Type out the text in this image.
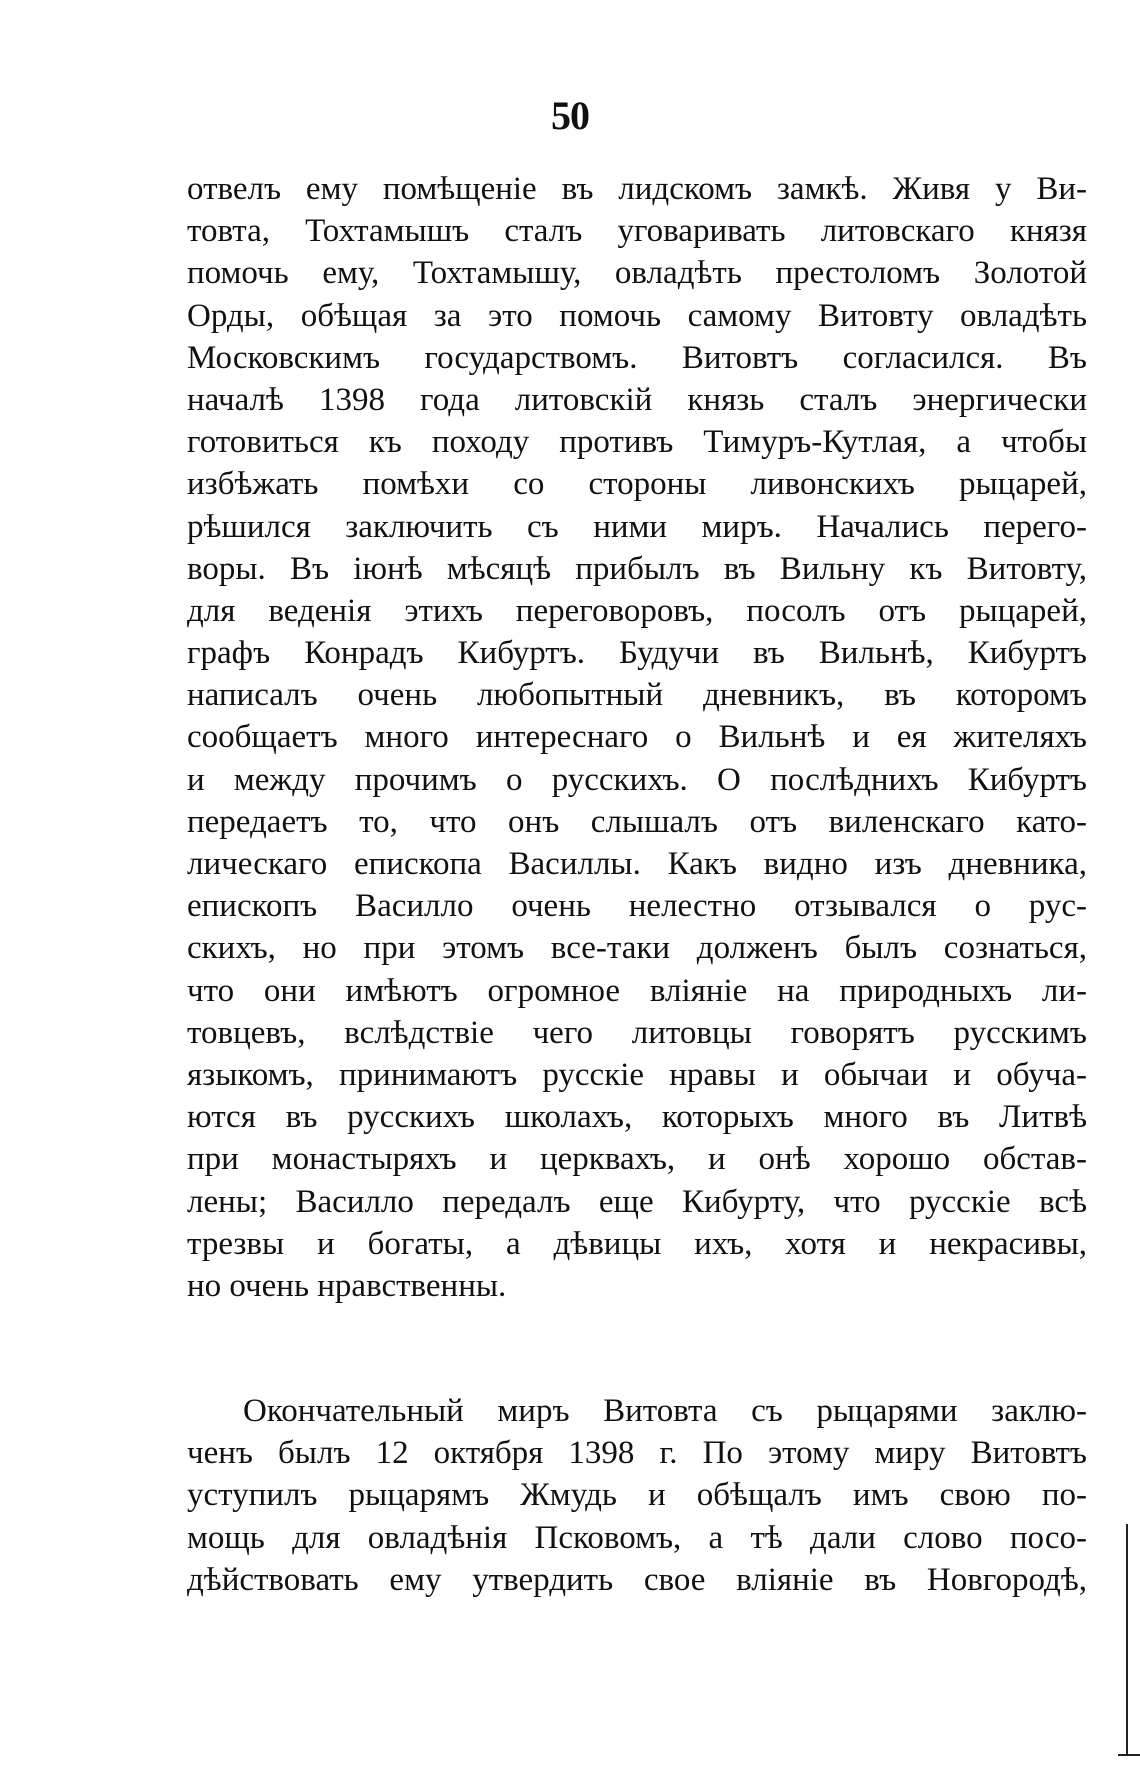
50
отвелъ ему помѣщеніе въ лидскомъ замкѣ. Живя у Ви-
товта, Тохтамышъ сталъ уговаривать литовскаго князя
помочь ему, Тохтамышу, овладѣть престоломъ Золотой
Орды, обѣщая за это помочь самому Витовту овладѣть
Московскимъ государствомъ. Витовтъ согласился. Въ
началѣ 1398 года литовскій князь сталъ энергически
готовиться къ походу противъ Тимуръ-Кутлая, а чтобы
избѣжать помѣхи со стороны ливонскихъ рыцарей,
рѣшился заключить съ ними миръ. Начались перего-
воры. Въ іюнѣ мѣсяцѣ прибылъ въ Вильну къ Витовту,
для веденія этихъ переговоровъ, посолъ отъ рыцарей,
графъ Конрадъ Кибуртъ. Будучи въ Вильнѣ, Кибуртъ
написалъ очень любопытный дневникъ, въ которомъ
сообщаетъ много интереснаго о Вильнѣ и ея жителяхъ
и между прочимъ о русскихъ. О послѣднихъ Кибуртъ
передаетъ то, что онъ слышалъ отъ виленскаго като-
лическаго епископа Василлы. Какъ видно изъ дневника,
епископъ Василло очень нелестно отзывался о рус-
скихъ, но при этомъ все-таки долженъ былъ сознаться,
что они имѣютъ огромное вліяніе на природныхъ ли-
товцевъ, вслѣдствіе чего литовцы говорятъ русскимъ
языкомъ, принимаютъ русскіе нравы и обычаи и обуча-
ются въ русскихъ школахъ, которыхъ много въ Литвѣ
при монастыряхъ и церквахъ, и онѣ хорошо обстав-
лены; Василло передалъ еще Кибурту, что русскіе всѣ
трезвы и богаты, а дѣвицы ихъ, хотя и некрасивы,
но очень нравственны.
Окончательный миръ Витовта съ рыцарями заклю-
ченъ былъ 12 октября 1398 г. По этому миру Витовтъ
уступилъ рыцарямъ Жмудь и обѣщалъ имъ свою по-
мощь для овладѣнія Псковомъ, а тѣ дали слово посо-
дѣйствовать ему утвердить свое вліяніе въ Новгородѣ,
